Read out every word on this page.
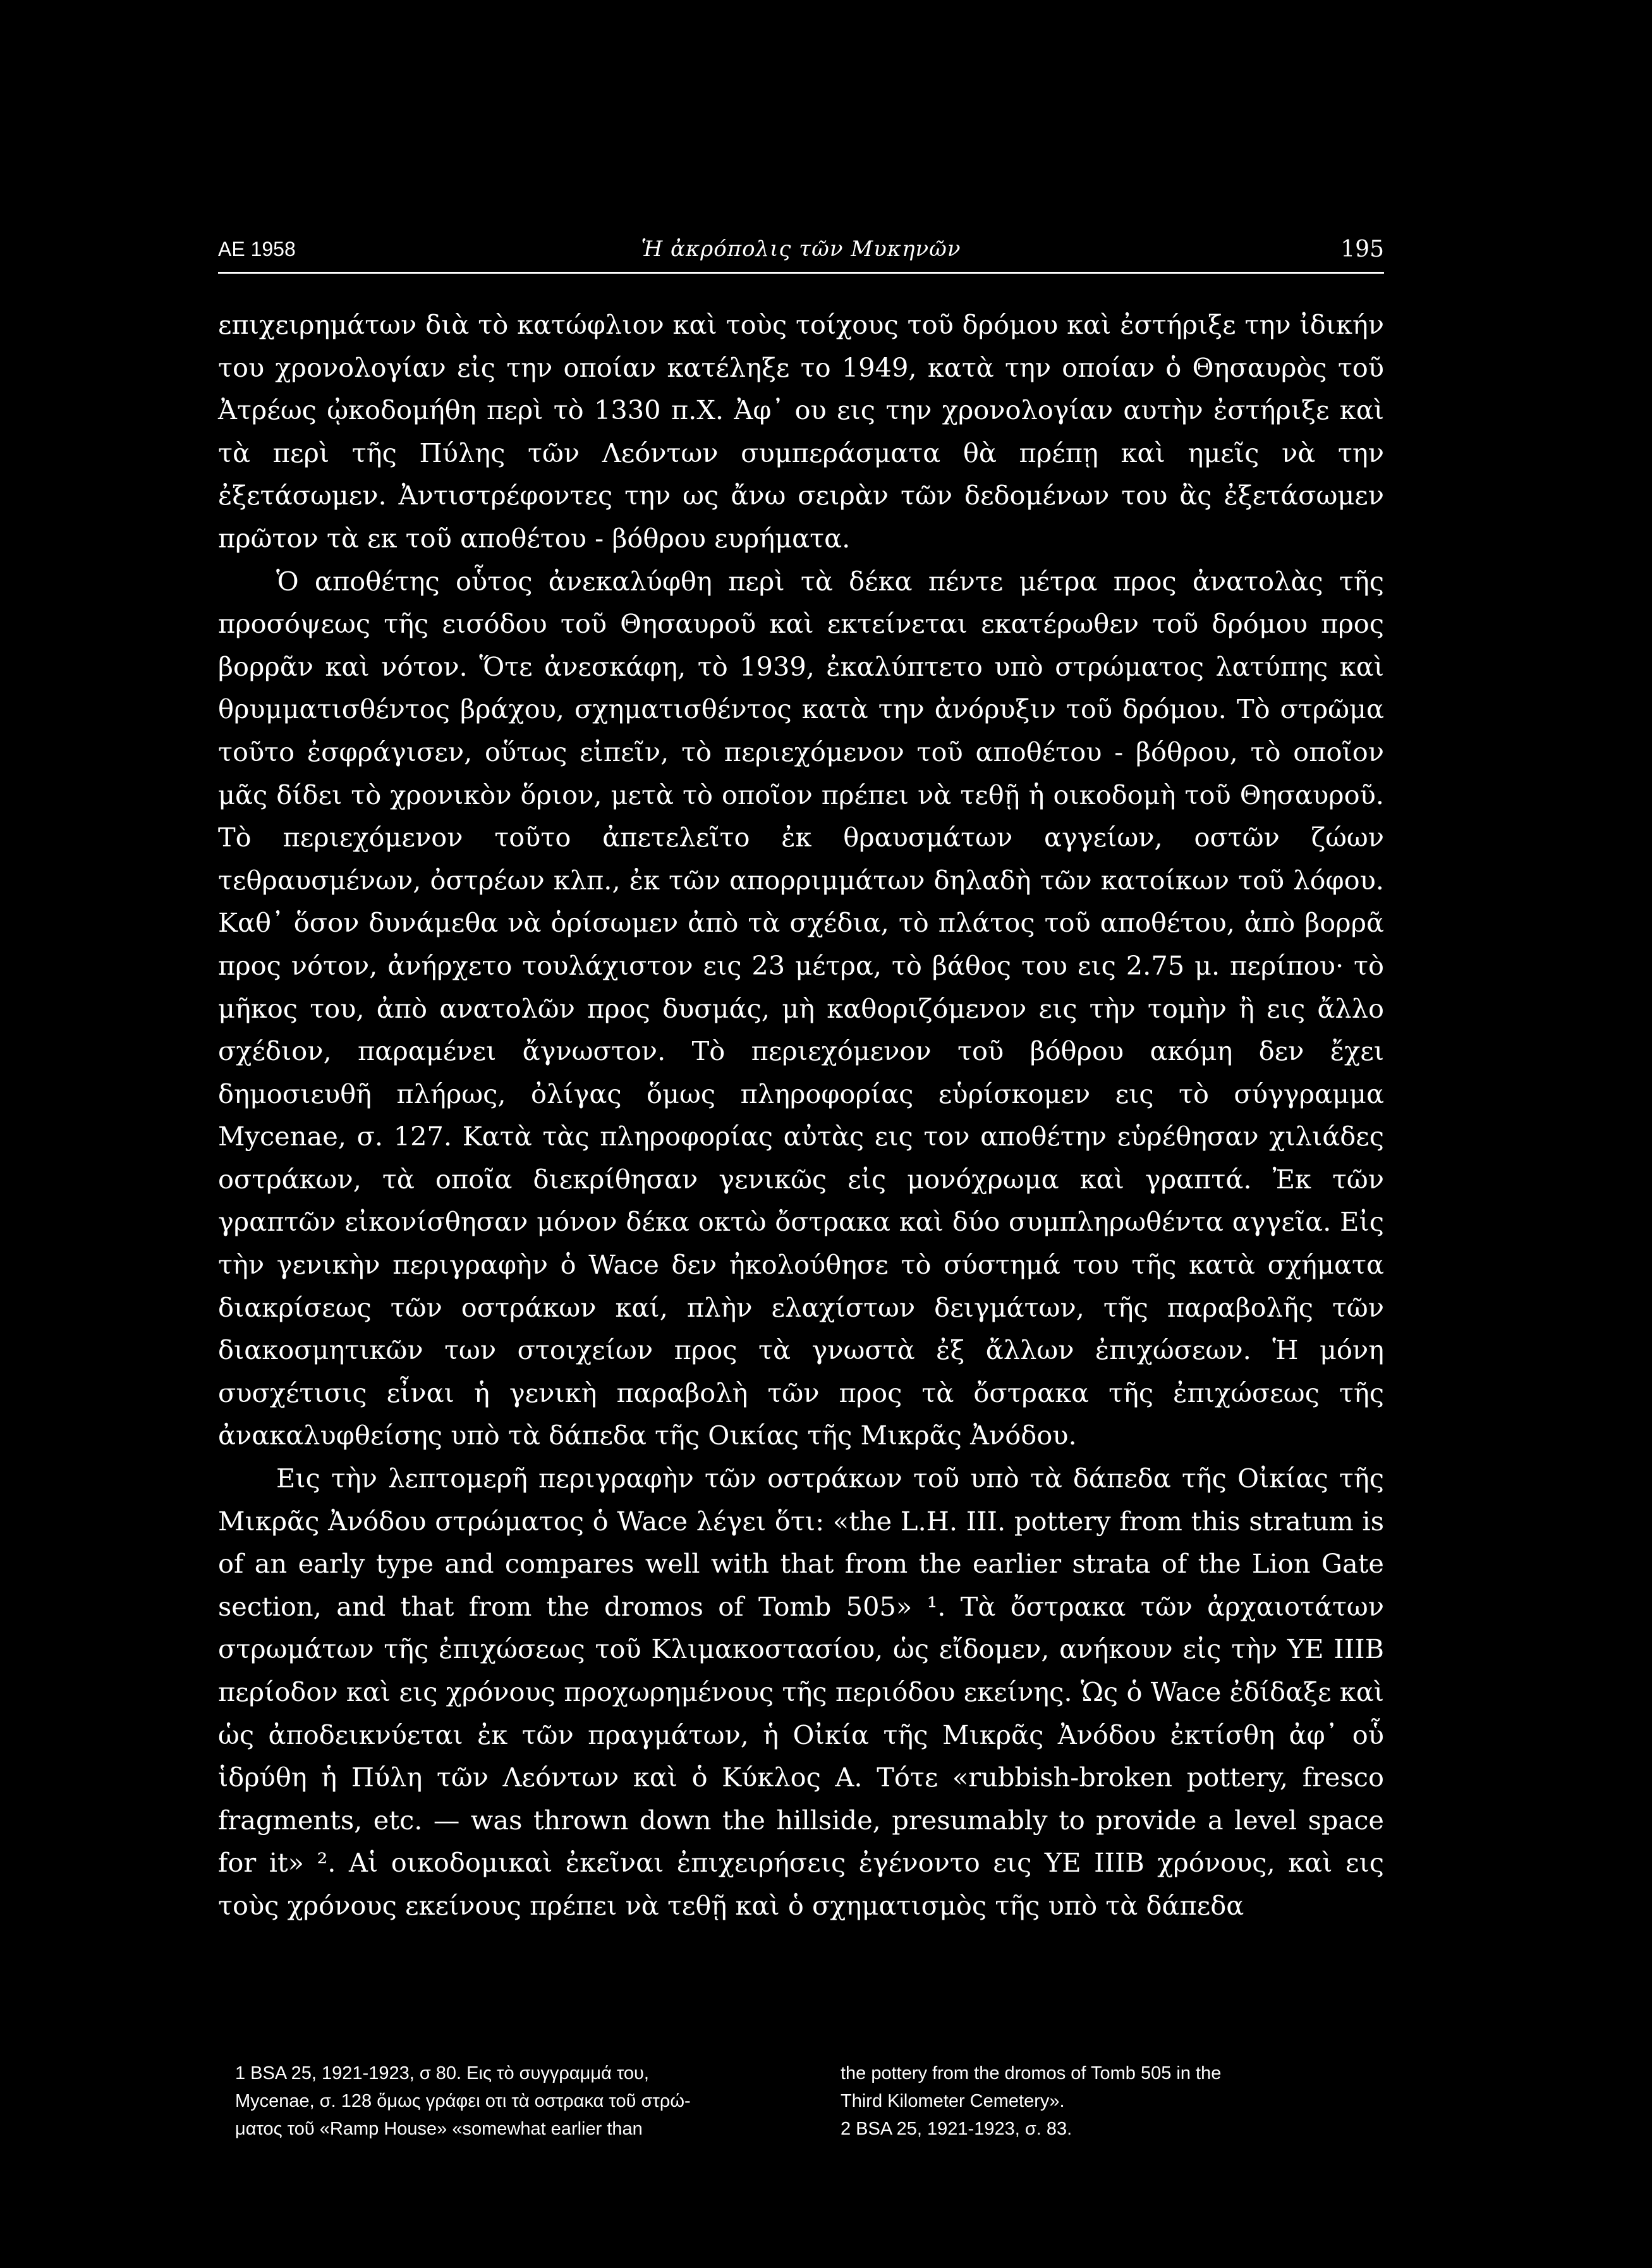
ΑΕ 1958	Ἡ ἀκρόπολις τῶν Μυκηνῶν	195

επιχειρημάτων διὰ τὸ κατώφλιον καὶ τοὺς τοίχους τοῦ δρόμου καὶ ἐστήριξε την ἰδικήν του χρονολογίαν εἰς την οποίαν κατέληξε το 1949, κατὰ την οποίαν ὁ Θησαυρὸς τοῦ Ἀτρέως ᾠκοδομήθη περὶ τὸ 1330 π.Χ. Ἀφ᾽ ου εις την χρονολογίαν αυτὴν ἐστήριξε καὶ τὰ περὶ τῆς Πύλης τῶν Λεόντων συμπεράσματα θὰ πρέπῃ καὶ ημεῖς νὰ την ἐξετάσωμεν. Ἀντιστρέφοντες την ως ἄνω σειρὰν τῶν δεδομένων του ἂς ἐξετάσωμεν πρῶτον τὰ εκ τοῦ αποθέτου - βόθρου ευρήματα.

Ὁ αποθέτης οὗτος ἀνεκαλύφθη περὶ τὰ δέκα πέντε μέτρα προς ἀνατολὰς τῆς προσόψεως τῆς εισόδου τοῦ Θησαυροῦ καὶ εκτείνεται εκατέρωθεν τοῦ δρόμου προς βορρᾶν καὶ νότον. Ὅτε ἀνεσκάφη, τὸ 1939, ἐκαλύπτετο υπὸ στρώματος λατύπης καὶ θρυμματισθέντος βράχου, σχηματισθέντος κατὰ την ἀνόρυξιν τοῦ δρόμου. Τὸ στρῶμα τοῦτο ἐσφράγισεν, οὕτως εἰπεῖν, τὸ περιεχόμενον τοῦ αποθέτου - βόθρου, τὸ οποῖον μᾶς δίδει τὸ χρονικὸν ὅριον, μετὰ τὸ οποῖον πρέπει νὰ τεθῇ ἡ οικοδομὴ τοῦ Θησαυροῦ. Τὸ περιεχόμενον τοῦτο ἀπετελεῖτο ἐκ θραυσμάτων αγγείων, οστῶν ζώων τεθραυσμένων, ὀστρέων κλπ., ἐκ τῶν απορριμμάτων δηλαδὴ τῶν κατοίκων τοῦ λόφου. Καθ᾽ ὅσον δυνάμεθα νὰ ὁρίσωμεν ἀπὸ τὰ σχέδια, τὸ πλάτος τοῦ αποθέτου, ἀπὸ βορρᾶ προς νότον, ἀνήρχετο τουλάχιστον εις 23 μέτρα, τὸ βάθος του εις 2.75 μ. περίπου· τὸ μῆκος του, ἀπὸ ανατολῶν προς δυσμάς, μὴ καθοριζόμενον εις τὴν τομὴν ἢ εις ἄλλο σχέδιον, παραμένει ἄγνωστον. Τὸ περιεχόμενον τοῦ βόθρου ακόμη δεν ἔχει δημοσιευθῆ πλήρως, ὀλίγας ὅμως πληροφορίας εὑρίσκομεν εις τὸ σύγγραμμα Mycenae, σ. 127. Κατὰ τὰς πληροφορίας αὐτὰς εις τον αποθέτην εὑρέθησαν χιλιάδες οστράκων, τὰ οποῖα διεκρίθησαν γενικῶς εἰς μονόχρωμα καὶ γραπτά. Ἐκ τῶν γραπτῶν εἰκονίσθησαν μόνον δέκα οκτὼ ὄστρακα καὶ δύο συμπληρωθέντα αγγεῖα. Εἰς τὴν γενικὴν περιγραφὴν ὁ Wace δεν ἠκολούθησε τὸ σύστημά του τῆς κατὰ σχήματα διακρίσεως τῶν οστράκων καί, πλὴν ελαχίστων δειγμάτων, τῆς παραβολῆς τῶν διακοσμητικῶν των στοιχείων προς τὰ γνωστὰ ἐξ ἄλλων ἐπιχώσεων. Ἡ μόνη συσχέτισις εἶναι ἡ γενικὴ παραβολὴ τῶν προς τὰ ὄστρακα τῆς ἐπιχώσεως τῆς ἀνακαλυφθείσης υπὸ τὰ δάπεδα τῆς Οικίας τῆς Μικρᾶς Ἀνόδου.

Εις τὴν λεπτομερῆ περιγραφὴν τῶν οστράκων τοῦ υπὸ τὰ δάπεδα τῆς Οἰκίας τῆς Μικρᾶς Ἀνόδου στρώματος ὁ Wace λέγει ὅτι: «the L.H. III. pottery from this stratum is of an early type and compares well with that from the earlier strata of the Lion Gate section, and that from the dromos of Tomb 505» ¹. Τὰ ὄστρακα τῶν ἀρχαιοτάτων στρωμάτων τῆς ἐπιχώσεως τοῦ Κλιμακοστασίου, ὡς εἴδομεν, ανήκουν εἰς τὴν ΥΕ ΙΙΙΒ περίοδον καὶ εις χρόνους προχωρημένους τῆς περιόδου εκείνης. Ὡς ὁ Wace ἐδίδαξε καὶ ὡς ἀποδεικνύεται ἐκ τῶν πραγμάτων, ἡ Οἰκία τῆς Μικρᾶς Ἀνόδου ἐκτίσθη ἀφ᾽ οὗ ἱδρύθη ἡ Πύλη τῶν Λεόντων καὶ ὁ Κύκλος Α. Τότε «rubbish-broken pottery, fresco fragments, etc. — was thrown down the hillside, presumably to provide a level space for it» ². Αἱ οικοδομικαὶ ἐκεῖναι ἐπιχειρήσεις ἐγένοντο εις ΥΕ ΙΙΙΒ χρόνους, καὶ εις τοὺς χρόνους εκείνους πρέπει νὰ τεθῇ καὶ ὁ σχηματισμὸς τῆς υπὸ τὰ δάπεδα

1 BSA 25, 1921-1923, σ 80. Εις τὸ συγγραμμά του,

Mycenae, σ. 128 ὅμως γράφει οτι τὰ οστρακα τοῦ στρώ-

ματος τοῦ «Ramp House» «somewhat earlier than

the pottery from the dromos of Tomb 505 in the

Third Kilometer Cemetery».

2 BSA 25, 1921-1923, σ. 83.
